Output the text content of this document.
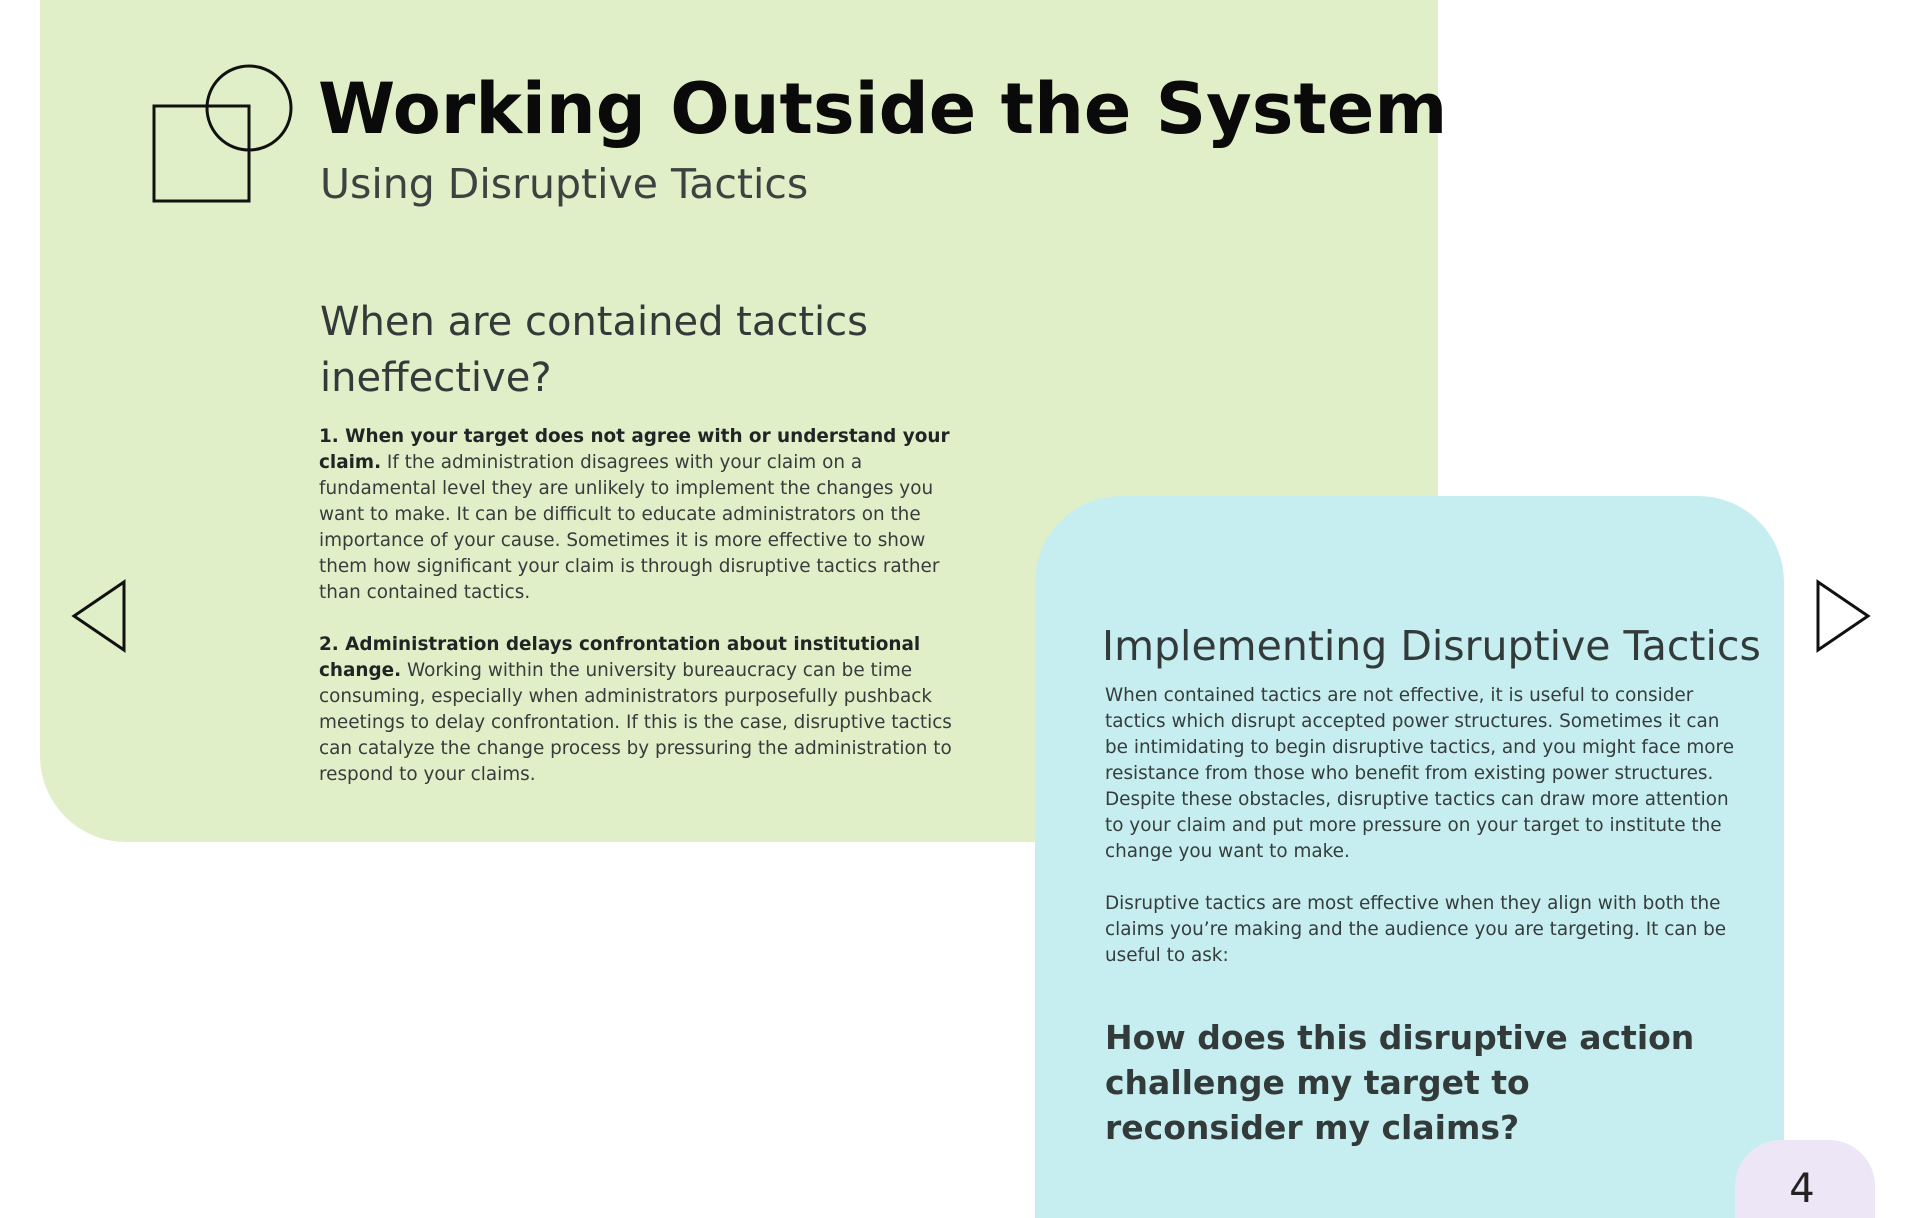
Working Outside the System
Using Disruptive Tactics
When are contained tactics ineffective?

1. When your target does not agree with or understand your claim. If the administration disagrees with your claim on a fundamental level they are unlikely to implement the changes you want to make. It can be difficult to educate administrators on the importance of your cause. Sometimes it is more effective to show them how significant your claim is through disruptive tactics rather than contained tactics.

2. Administration delays confrontation about institutional change. Working within the university bureaucracy can be time consuming, especially when administrators purposefully pushback meetings to delay confrontation. If this is the case, disruptive tactics can catalyze the change process by pressuring the administration to respond to your claims.

Implementing Disruptive Tactics

When contained tactics are not effective, it is useful to consider tactics which disrupt accepted power structures. Sometimes it can be intimidating to begin disruptive tactics, and you might face more resistance from those who benefit from existing power structures. Despite these obstacles, disruptive tactics can draw more attention to your claim and put more pressure on your target to institute the change you want to make.

Disruptive tactics are most effective when they align with both the claims you’re making and the audience you are targeting. It can be useful to ask:

How does this disruptive action challenge my target to reconsider my claims?
4
